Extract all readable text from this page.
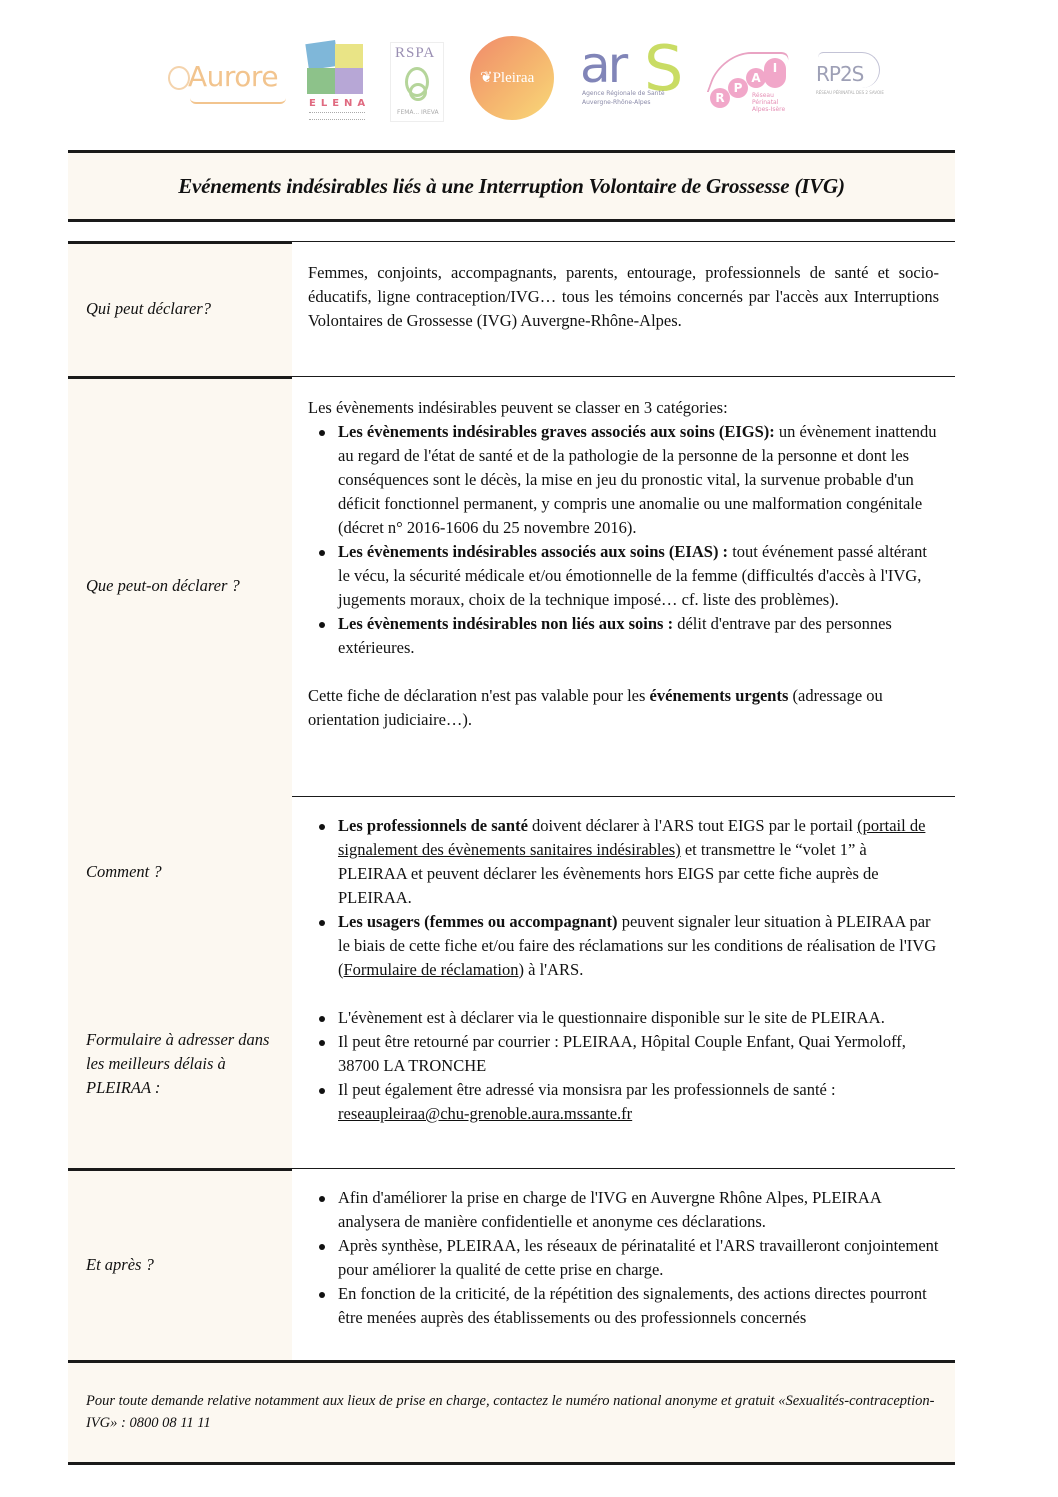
Aurore
ELENA
RSPA
FEMA... IREVA
❦Pleiraa ar S
Agence Régionale de Santé
Auvergne-Rhône-Alpes	R
P
A
I
Réseau Périnatal Alpes-Isère
RP2S
RÉSEAU PÉRINATAL DES 2 SAVOIE
Evénements indésirables liés à une Interruption Volontaire de Grossesse (IVG)
Qui peut déclarer?

Femmes, conjoints, accompagnants, parents, entourage, professionnels de santé et socio-éducatifs, ligne contraception/IVG… tous les témoins concernés par l'accès aux Interruptions Volontaires de Grossesse (IVG) Auvergne-Rhône-Alpes.

Que peut-on déclarer ?

Les évènements indésirables peuvent se classer en 3 catégories:

Les évènements indésirables graves associés aux soins (EIGS): un évènement inattendu au regard de l'état de santé et de la pathologie de la personne de la personne et dont les conséquences sont le décès, la mise en jeu du pronostic vital, la survenue probable d'un déficit fonctionnel permanent, y compris une anomalie ou une malformation congénitale (décret n° 2016-1606 du 25 novembre 2016).
Les évènements indésirables associés aux soins (EIAS) : tout événement passé altérant le vécu, la sécurité médicale et/ou émotionnelle de la femme (difficultés d'accès à l'IVG, jugements moraux, choix de la technique imposé… cf. liste des problèmes).
Les évènements indésirables non liés aux soins : délit d'entrave par des personnes extérieures.

Cette fiche de déclaration n'est pas valable pour les événements urgents (adressage ou orientation judiciaire…).

Comment ?
Formulaire à adresser dans les meilleurs délais à PLEIRAA :
Les professionnels de santé doivent déclarer à l'ARS tout EIGS par le portail (portail de signalement des évènements sanitaires indésirables) et transmettre le “volet 1” à PLEIRAA et peuvent déclarer les évènements hors EIGS par cette fiche auprès de PLEIRAA.
Les usagers (femmes ou accompagnant) peuvent signaler leur situation à PLEIRAA par le biais de cette fiche et/ou faire des réclamations sur les conditions de réalisation de l'IVG (Formulaire de réclamation) à l'ARS.
L'évènement est à déclarer via le questionnaire disponible sur le site de PLEIRAA.
Il peut être retourné par courrier : PLEIRAA, Hôpital Couple Enfant, Quai Yermoloff, 38700 LA TRONCHE
Il peut également être adressé via monsisra par les professionnels de santé : reseaupleiraa@chu-grenoble.aura.mssante.fr
Et après ?
Afin d'améliorer la prise en charge de l'IVG en Auvergne Rhône Alpes, PLEIRAA analysera de manière confidentielle et anonyme ces déclarations.
Après synthèse, PLEIRAA, les réseaux de périnatalité et l'ARS travailleront conjointement pour améliorer la qualité de cette prise en charge.
En fonction de la criticité, de la répétition des signalements, des actions directes pourront être menées auprès des établissements ou des professionnels concernés

Pour toute demande relative notamment aux lieux de prise en charge, contactez le numéro national anonyme et gratuit «Sexualités-contraception-IVG» : 0800 08 11 11
